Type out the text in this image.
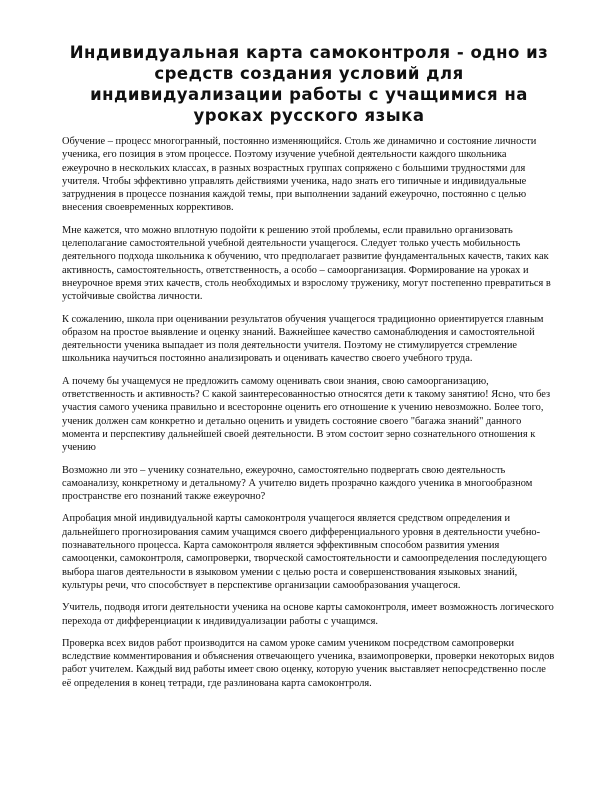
Индивидуальная карта самоконтроля - одно из средств создания условий для индивидуализации работы с учащимися на уроках русского языка

Обучение – процесс многогранный, постоянно изменяющийся. Столь же динамично и состояние личности ученика, его позиция в этом процессе. Поэтому изучение учебной деятельности каждого школьника ежеурочно в нескольких классах, в разных возрастных группах сопряжено с большими трудностями для учителя. Чтобы эффективно управлять действиями ученика, надо знать его типичные и индивидуальные затруднения в процессе познания каждой темы, при выполнении заданий ежеурочно, постоянно с целью внесения своевременных коррективов.

Мне кажется, что можно вплотную подойти к решению этой проблемы, если правильно организовать целеполагание самостоятельной учебной деятельности учащегося. Следует только учесть мобильность деятельного подхода школьника к обучению, что предполагает развитие фундаментальных качеств, таких как активность, самостоятельность, ответственность, а особо – самоорганизация. Формирование на уроках и внеурочное время этих качеств, столь необходимых и взрослому труженику, могут постепенно превратиться в устойчивые свойства личности.

К сожалению, школа при оценивании результатов обучения учащегося традиционно ориентируется главным образом на простое выявление и оценку знаний. Важнейшее качество самонаблюдения и самостоятельной деятельности ученика выпадает из поля деятельности учителя. Поэтому не стимулируется стремление школьника научиться постоянно анализировать и оценивать качество своего учебного труда.

А почему бы учащемуся не предложить самому оценивать свои знания, свою самоорганизацию, ответственность и активность? С какой заинтересованностью относятся дети к такому занятию! Ясно, что без участия самого ученика правильно и всесторонне оценить его отношение к учению невозможно. Более того, ученик должен сам конкретно и детально оценить и увидеть состояние своего "багажа знаний" данного момента и перспективу дальнейшей своей деятельности. В этом состоит зерно сознательного отношения к учению

Возможно ли это – ученику сознательно, ежеурочно, самостоятельно подвергать свою деятельность самоанализу, конкретному и детальному? А учителю видеть прозрачно каждого ученика в многообразном пространстве его познаний также ежеурочно?

Апробация мной индивидуальной карты самоконтроля учащегося является средством определения и дальнейшего прогнозирования самим учащимся своего дифференциального уровня в деятельности учебно-познавательного процесса. Карта самоконтроля является эффективным способом развития умения самооценки, самоконтроля, самопроверки, творческой самостоятельности и самоопределения последующего выбора шагов деятельности в языковом умении с целью роста и совершенствования языковых знаний, культуры речи, что способствует в перспективе организации самообразования учащегося.

Учитель, подводя итоги деятельности ученика на основе карты самоконтроля, имеет возможность логического перехода от дифференциации к индивидуализации работы с учащимся.

Проверка всех видов работ производится на самом уроке самим учеником посредством самопроверки вследствие комментирования и объяснения отвечающего ученика, взаимопроверки, проверки некоторых видов работ учителем. Каждый вид работы имеет свою оценку, которую ученик выставляет непосредственно после её определения в конец тетради, где разлинована карта самоконтроля.
